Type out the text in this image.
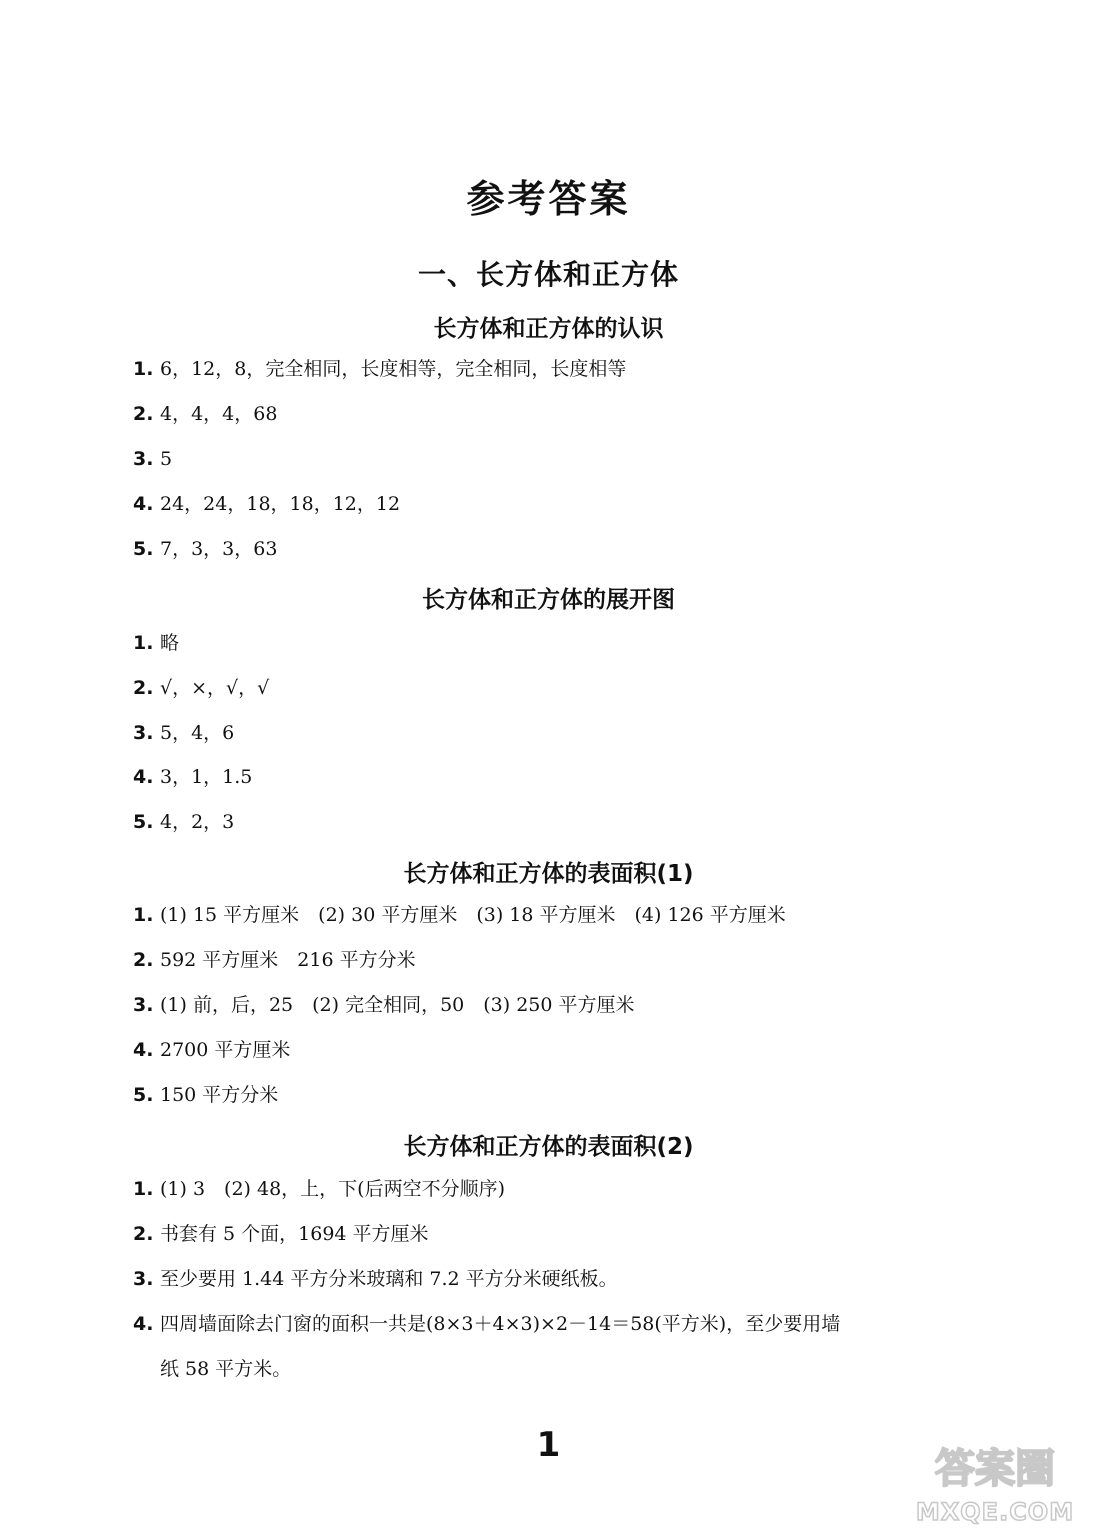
参考答案
一、长方体和正方体
长方体和正方体的认识
1. 6，12，8，完全相同，长度相等，完全相同，长度相等
2. 4，4，4，68
3. 5
4. 24，24，18，18，12，12
5. 7，3，3，63
长方体和正方体的展开图
1. 略
2. √，×，√，√
3. 5，4，6
4. 3，1，1.5
5. 4，2，3
长方体和正方体的表面积(1)
1. (1) 15 平方厘米　(2) 30 平方厘米　(3) 18 平方厘米　(4) 126 平方厘米
2. 592 平方厘米　216 平方分米
3. (1) 前，后，25　(2) 完全相同，50　(3) 250 平方厘米
4. 2700 平方厘米
5. 150 平方分米
长方体和正方体的表面积(2)
1. (1) 3　(2) 48，上，下(后两空不分顺序)
2. 书套有 5 个面，1694 平方厘米
3. 至少要用 1.44 平方分米玻璃和 7.2 平方分米硬纸板。
4. 四周墙面除去门窗的面积一共是(8×3＋4×3)×2－14＝58(平方米)，至少要用墙
纸 58 平方米。
1
答案圈
MXQE.COM
